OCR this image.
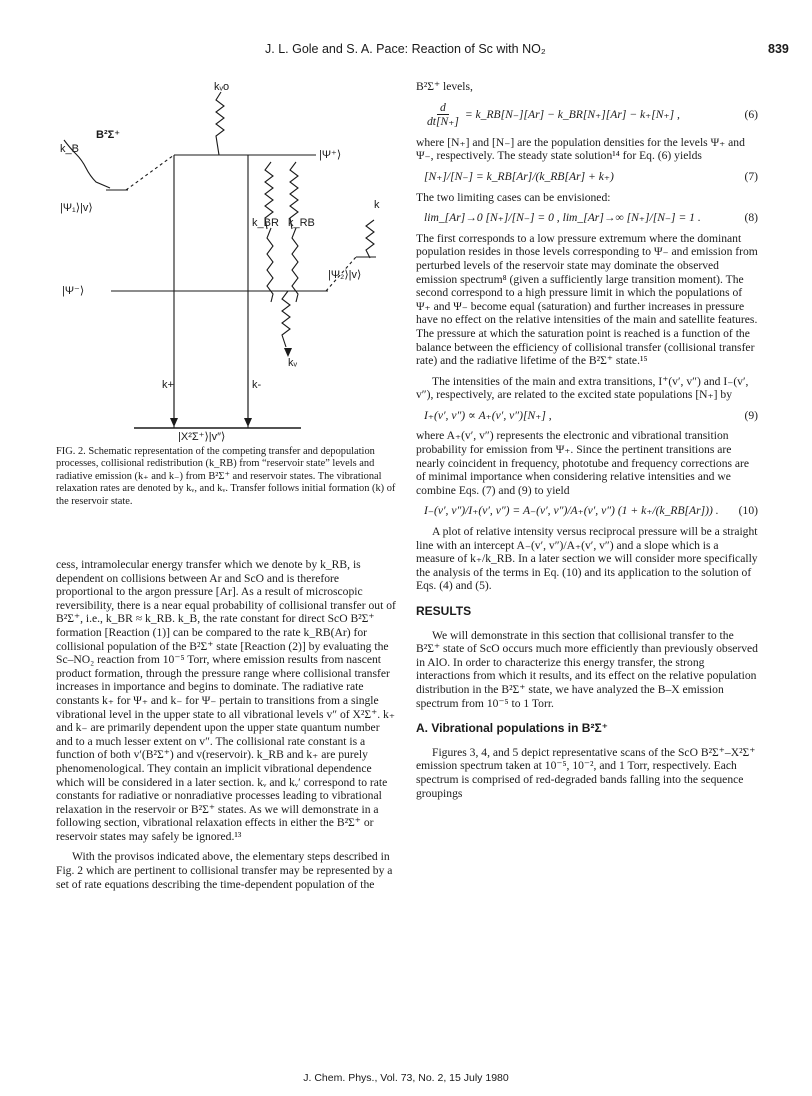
J. L. Gole and S. A. Pace: Reaction of Sc with NO₂	839
kᵥo
B²Σ⁺
k_B	|Ψ⁺⟩
|Ψ₁⟩|v⟩	k
k_BR k_RB
|Ψ₂⟩|v⟩
|Ψ⁻⟩
kᵥ
k+	k-
|X²Σ⁺⟩|v″⟩
FIG. 2. Schematic representation of the competing transfer and depopulation processes, collisional redistribution (k_RB) from “reservoir state” levels and radiative emission (k₊ and k₋) from B²Σ⁺ and reservoir states. The vibrational relaxation rates are denoted by kᵥ, and kᵥ. Transfer follows initial formation (k) of the reservoir state.

cess, intramolecular energy transfer which we denote by k_RB, is dependent on collisions between Ar and ScO and is therefore proportional to the argon pressure [Ar]. As a result of microscopic reversibility, there is a near equal probability of collisional transfer out of B²Σ⁺, i.e., k_BR ≈ k_RB. k_B, the rate constant for direct ScO B²Σ⁺ formation [Reaction (1)] can be compared to the rate k_RB(Ar) for collisional population of the B²Σ⁺ state [Reaction (2)] by evaluating the Sc–NO₂ reaction from 10⁻⁵ Torr, where emission results from nascent product formation, through the pressure range where collisional transfer increases in importance and begins to dominate. The radiative rate constants k₊ for Ψ₊ and k₋ for Ψ₋ pertain to transitions from a single vibrational level in the upper state to all vibrational levels v″ of X²Σ⁺. k₊ and k₋ are primarily dependent upon the upper state quantum number and to a much lesser extent on v″. The collisional rate constant is a function of both v′(B²Σ⁺) and v(reservoir). k_RB and k₊ are purely phenomenological. They contain an implicit vibrational dependence which will be considered in a later section. kᵥ and kᵥ′ correspond to rate constants for radiative or nonradiative processes leading to vibrational relaxation in the reservoir or B²Σ⁺ states. As we will demonstrate in a following section, vibrational relaxation effects in either the B²Σ⁺ or reservoir states may safely be ignored.¹³

With the provisos indicated above, the elementary steps described in Fig. 2 which are pertinent to collisional transfer may be represented by a set of rate equations describing the time-dependent population of the

B²Σ⁺ levels,

$\frac{d}{dt[N_+]}$ = k_RB[N₋][Ar] − k_BR[N₊][Ar] − k₊[N₊] ,	(6)

where [N₊] and [N₋] are the population densities for the levels Ψ₊ and Ψ₋, respectively. The steady state solution¹⁴ for Eq. (6) yields

[N₊]/[N₋] = k_RB[Ar]/(k_RB[Ar] + k₊)	(7)

The two limiting cases can be envisioned:

lim_[Ar]→0 [N₊]/[N₋] = 0 , lim_[Ar]→∞ [N₊]/[N₋] = 1 .	(8)

The first corresponds to a low pressure extremum where the dominant population resides in those levels corresponding to Ψ₋ and emission from perturbed levels of the reservoir state may dominate the observed emission spectrum⁸ (given a sufficiently large transition moment). The second correspond to a high pressure limit in which the populations of Ψ₊ and Ψ₋ become equal (saturation) and further increases in pressure have no effect on the relative intensities of the main and satellite features. The pressure at which the saturation point is reached is a function of the balance between the efficiency of collisional transfer (collisional transfer rate) and the radiative lifetime of the B²Σ⁺ state.¹⁵

The intensities of the main and extra transitions, I⁺(v′, v″) and I₋(v′, v″), respectively, are related to the excited state populations [N₊] by

I₊(v′, v″) ∝ A₊(v′, v″)[N₊] ,	(9)

where A₊(v′, v″) represents the electronic and vibrational transition probability for emission from Ψ₊. Since the pertinent transitions are nearly coincident in frequency, phototube and frequency corrections are of minimal importance when considering relative intensities and we combine Eqs. (7) and (9) to yield

I₋(v′, v″)/I₊(v′, v″) = A₋(v′, v″)/A₊(v′, v″) (1 + k₊/(k_RB[Ar])) . (10)

A plot of relative intensity versus reciprocal pressure will be a straight line with an intercept A₋(v′, v″)/A₊(v′, v″) and a slope which is a measure of k₊/k_RB. In a later section we will consider more specifically the analysis of the terms in Eq. (10) and its application to the solution of Eqs. (4) and (5).

RESULTS

We will demonstrate in this section that collisional transfer to the B²Σ⁺ state of ScO occurs much more efficiently than previously observed in AlO. In order to characterize this energy transfer, the strong interactions from which it results, and its effect on the relative population distribution in the B²Σ⁺ state, we have analyzed the B–X emission spectrum from 10⁻⁵ to 1 Torr.

A. Vibrational populations in B²Σ⁺

Figures 3, 4, and 5 depict representative scans of the ScO B²Σ⁺–X²Σ⁺ emission spectrum taken at 10⁻⁵, 10⁻², and 1 Torr, respectively. Each spectrum is comprised of red-degraded bands falling into the sequence groupings

J. Chem. Phys., Vol. 73, No. 2, 15 July 1980
